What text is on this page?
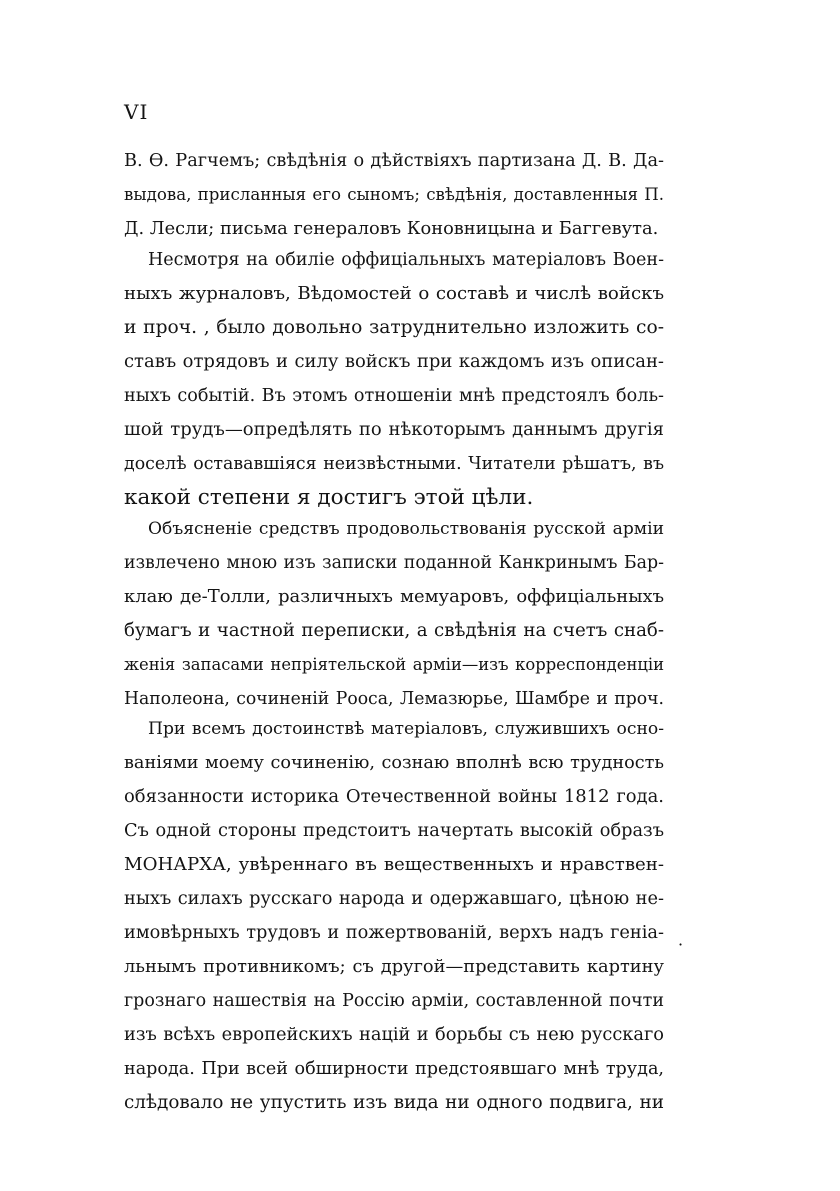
VI
В. Ѳ. Рагчемъ; свѣдѣнія о дѣйствіяхъ партизана Д. В. Да-
выдова, присланныя его сыномъ; свѣдѣнія, доставленныя П.
Д. Лесли; письма генераловъ Коновницына и Баггевута.
Несмотря на обиліе оффиціальныхъ матеріаловъ Воен-
ныхъ журналовъ, Вѣдомостей о составѣ и числѣ войскъ
и проч. , было довольно затруднительно изложить со-
ставъ отрядовъ и силу войскъ при каждомъ изъ описан-
ныхъ событій. Въ этомъ отношеніи мнѣ предстоялъ боль-
шой трудъ—опредѣлять по нѣкоторымъ даннымъ другія
доселѣ остававшіяся неизвѣстными. Читатели рѣшатъ, въ
какой степени я достигъ этой цѣли.
Объясненіе средствъ продовольствованія русской арміи
извлечено мною изъ записки поданной Канкринымъ Бар-
клаю де-Толли, различныхъ мемуаровъ, оффиціальныхъ
бумагъ и частной переписки, а свѣдѣнія на счетъ снаб-
женія запасами непріятельской арміи—изъ корреспонденціи
Наполеона, сочиненій Рооса, Лемазюрье, Шамбре и проч.
При всемъ достоинствѣ матеріаловъ, служившихъ осно-
ваніями моему сочиненію, сознаю вполнѣ всю трудность
обязанности историка Отечественной войны 1812 года.
Съ одной стороны предстоитъ начертать высокій образъ
МОНАРХА, увѣреннаго въ вещественныхъ и нравствен-
ныхъ силахъ русскаго народа и одержавшаго, цѣною не-
имовѣрныхъ трудовъ и пожертвованій, верхъ надъ геніа-
льнымъ противникомъ; съ другой—представить картину
грознаго нашествія на Россію арміи, составленной почти
изъ всѣхъ европейскихъ націй и борьбы съ нею русскаго
народа. При всей обширности предстоявшаго мнѣ труда,
слѣдовало не упустить изъ вида ни одного подвига, ни
·
